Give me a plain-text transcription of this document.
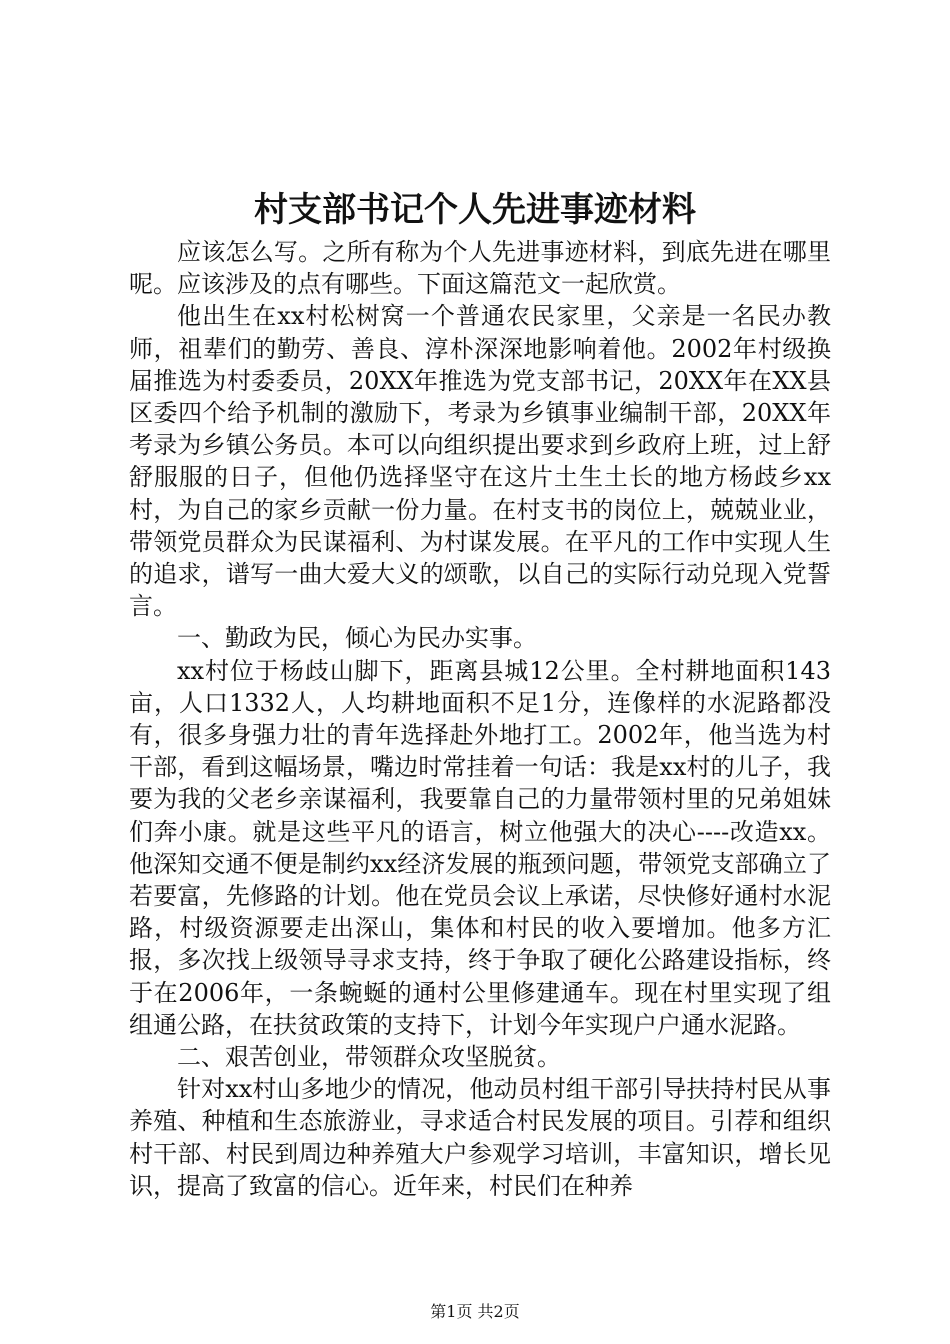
村支部书记个人先进事迹材料

应该怎么写。之所有称为个人先进事迹材料，到底先进在哪里呢。应该涉及的点有哪些。下面这篇范文一起欣赏。

他出生在xx村松树窝一个普通农民家里，父亲是一名民办教师，祖辈们的勤劳、善良、淳朴深深地影响着他。2002年村级换届推选为村委委员，20XX年推选为党支部书记，20XX年在XX县区委四个给予机制的激励下，考录为乡镇事业编制干部，20XX年考录为乡镇公务员。本可以向组织提出要求到乡政府上班，过上舒舒服服的日子，但他仍选择坚守在这片土生土长的地方杨歧乡xx村，为自己的家乡贡献一份力量。在村支书的岗位上，兢兢业业，带领党员群众为民谋福利、为村谋发展。在平凡的工作中实现人生的追求，谱写一曲大爱大义的颂歌，以自己的实际行动兑现入党誓言。

一、勤政为民，倾心为民办实事。

xx村位于杨歧山脚下，距离县城12公里。全村耕地面积143亩，人口1332人，人均耕地面积不足1分，连像样的水泥路都没有，很多身强力壮的青年选择赴外地打工。2002年，他当选为村干部，看到这幅场景，嘴边时常挂着一句话：我是xx村的儿子，我要为我的父老乡亲谋福利，我要靠自己的力量带领村里的兄弟姐妹们奔小康。就是这些平凡的语言，树立他强大的决心----改造xx。他深知交通不便是制约xx经济发展的瓶颈问题，带领党支部确立了若要富，先修路的计划。他在党员会议上承诺，尽快修好通村水泥路，村级资源要走出深山，集体和村民的收入要增加。他多方汇报，多次找上级领导寻求支持，终于争取了硬化公路建设指标，终于在2006年，一条蜿蜒的通村公里修建通车。现在村里实现了组组通公路，在扶贫政策的支持下，计划今年实现户户通水泥路。

二、艰苦创业，带领群众攻坚脱贫。

针对xx村山多地少的情况，他动员村组干部引导扶持村民从事养殖、种植和生态旅游业，寻求适合村民发展的项目。引荐和组织村干部、村民到周边种养殖大户参观学习培训，丰富知识，增长见识，提高了致富的信心。近年来，村民们在种养

第1页 共2页
